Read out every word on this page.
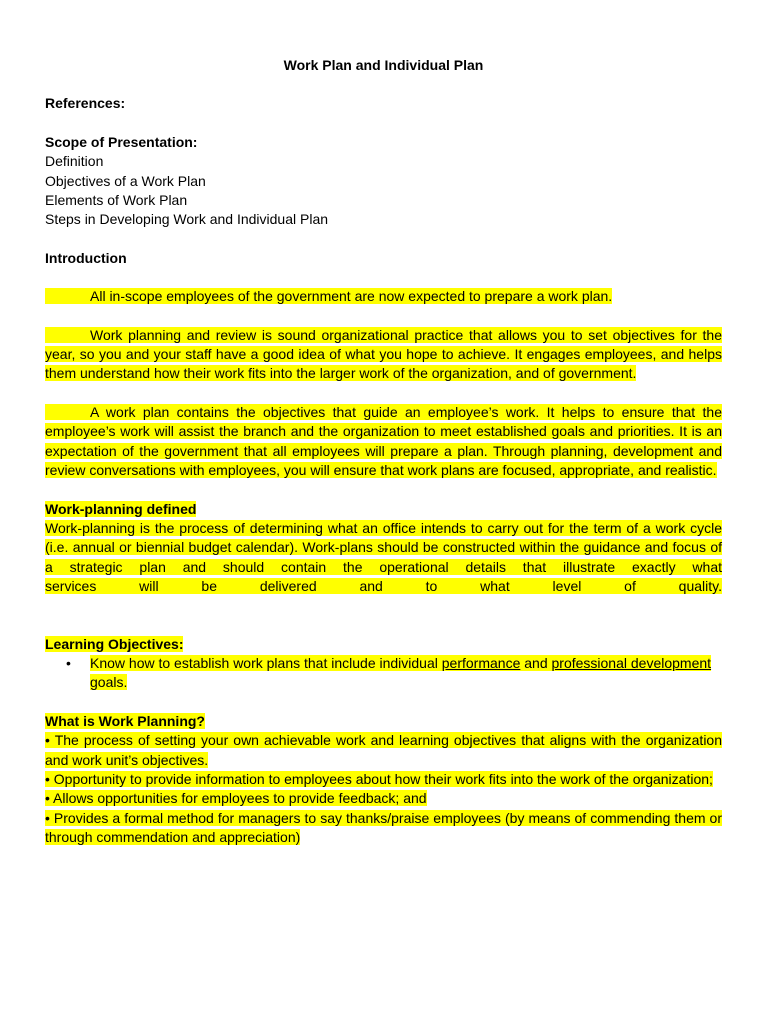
Work Plan and Individual Plan

References:
Scope of Presentation:
Definition
Objectives of a Work Plan
Elements of Work Plan
Steps in Developing Work and Individual Plan
Introduction
All in-scope employees of the government are now expected to prepare a work plan.
Work planning and review is sound organizational practice that allows you to set objectives for the year, so you and your staff have a good idea of what you hope to achieve. It engages employees, and helps them understand how their work fits into the larger work of the organization, and of government.
A work plan contains the objectives that guide an employee’s work. It helps to ensure that the employee’s work will assist the branch and the organization to meet established goals and priorities. It is an expectation of the government that all employees will prepare a plan. Through planning, development and review conversations with employees, you will ensure that work plans are focused, appropriate, and realistic.
Work-planning defined
Work-planning is the process of determining what an office intends to carry out for the term of a work cycle (i.e. annual or biennial budget calendar). Work-plans should be constructed within the guidance and focus of a strategic plan and should contain the operational details that illustrate exactly what
services will be delivered and to what level of quality.
Learning Objectives:
• Know how to establish work plans that include individual performance and professional development goals.
What is Work Planning?
• The process of setting your own achievable work and learning objectives that aligns with the organization and work unit’s objectives.
• Opportunity to provide information to employees about how their work fits into the work of the organization;
• Allows opportunities for employees to provide feedback; and
• Provides a formal method for managers to say thanks/praise employees (by means of commending them or through commendation and appreciation)
